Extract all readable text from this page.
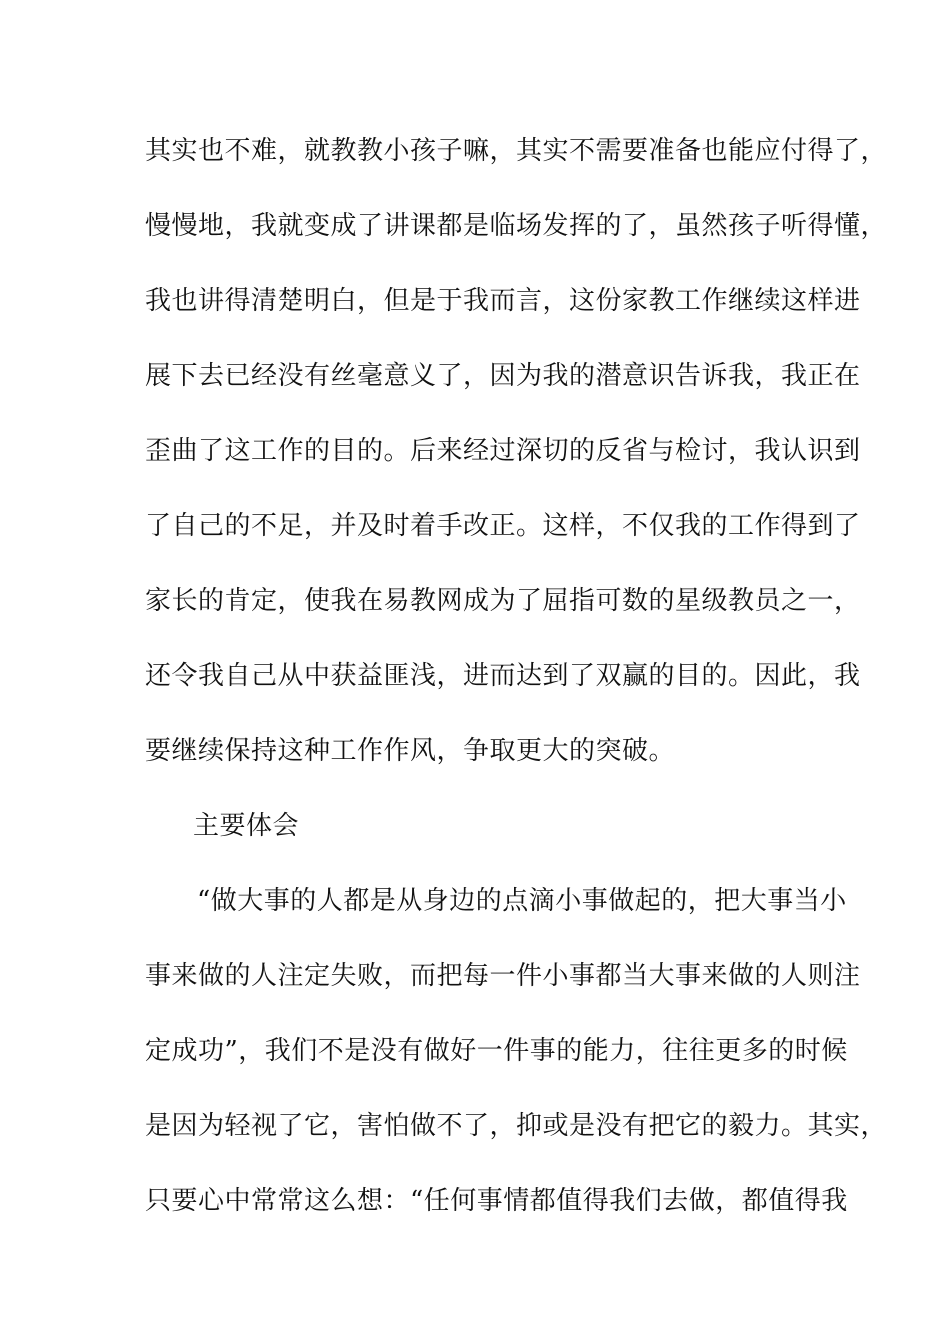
其实也不难，就教教小孩子嘛，其实不需要准备也能应付得了，
慢慢地，我就变成了讲课都是临场发挥的了，虽然孩子听得懂，
我也讲得清楚明白，但是于我而言，这份家教工作继续这样进
展下去已经没有丝毫意义了，因为我的潜意识告诉我，我正在
歪曲了这工作的目的。后来经过深切的反省与检讨，我认识到
了自己的不足，并及时着手改正。这样，不仅我的工作得到了
家长的肯定，使我在易教网成为了屈指可数的星级教员之一，
还令我自己从中获益匪浅，进而达到了双赢的目的。因此，我
要继续保持这种工作作风，争取更大的突破。
主要体会
“做大事的人都是从身边的点滴小事做起的，把大事当小
事来做的人注定失败，而把每一件小事都当大事来做的人则注
定成功”，我们不是没有做好一件事的能力，往往更多的时候
是因为轻视了它，害怕做不了，抑或是没有把它的毅力。其实，
只要心中常常这么想：“任何事情都值得我们去做，都值得我
